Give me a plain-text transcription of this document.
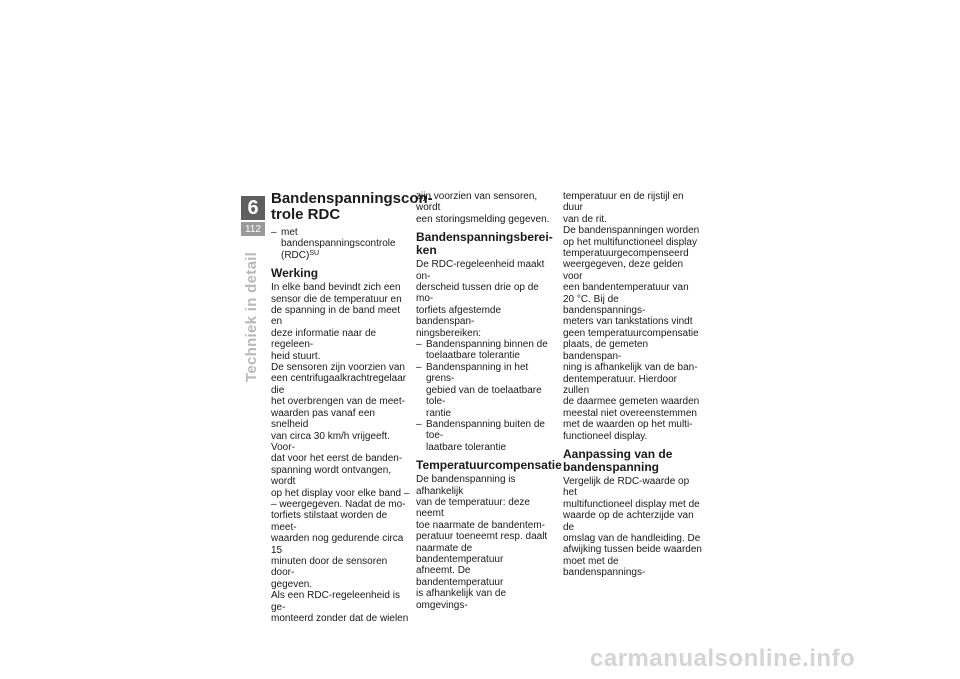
6
112
Techniek in detail
Bandenspanningscon-
trole RDC
– met bandenspanningscontrole
(RDC)$^{SU}$
Werking

In elke band bevindt zich een
sensor die de temperatuur en
de spanning in de band meet en
deze informatie naar de regeleen-
heid stuurt.

De sensoren zijn voorzien van
een centrifugaalkrachtregelaar die
het overbrengen van de meet-
waarden pas vanaf een snelheid
van circa 30 km/h vrijgeeft. Voor-
dat voor het eerst de banden-
spanning wordt ontvangen, wordt
op het display voor elke band –
– weergegeven. Nadat de mo-
torfiets stilstaat worden de meet-
waarden nog gedurende circa 15
minuten door de sensoren door-
gegeven.

Als een RDC-regeleenheid is ge-
monteerd zonder dat de wielen

zijn voorzien van sensoren, wordt
een storingsmelding gegeven.

Bandenspanningsberei-
ken

De RDC-regeleenheid maakt on-
derscheid tussen drie op de mo-
torfiets afgestemde bandenspan-
ningsbereiken:

– Bandenspanning binnen de
toelaatbare tolerantie
– Bandenspanning in het grens-
gebied van de toelaatbare tole-
rantie
– Bandenspanning buiten de toe-
laatbare tolerantie
Temperatuurcompensatie

De bandenspanning is afhankelijk
van de temperatuur: deze neemt
toe naarmate de bandentem-
peratuur toeneemt resp. daalt
naarmate de bandentemperatuur
afneemt. De bandentemperatuur
is afhankelijk van de omgevings-

temperatuur en de rijstijl en duur
van de rit.

De bandenspanningen worden
op het multifunctioneel display
temperatuurgecompenseerd
weergegeven, deze gelden voor
een bandentemperatuur van
20 °C. Bij de bandenspannings-
meters van tankstations vindt
geen temperatuurcompensatie
plaats, de gemeten bandenspan-
ning is afhankelijk van de ban-
dentemperatuur. Hierdoor zullen
de daarmee gemeten waarden
meestal niet overeenstemmen
met de waarden op het multi-
functioneel display.

Aanpassing van de
bandenspanning

Vergelijk de RDC-waarde op het
multifunctioneel display met de
waarde op de achterzijde van de
omslag van de handleiding. De
afwijking tussen beide waarden
moet met de bandenspannings-

carmanualsonline.info
